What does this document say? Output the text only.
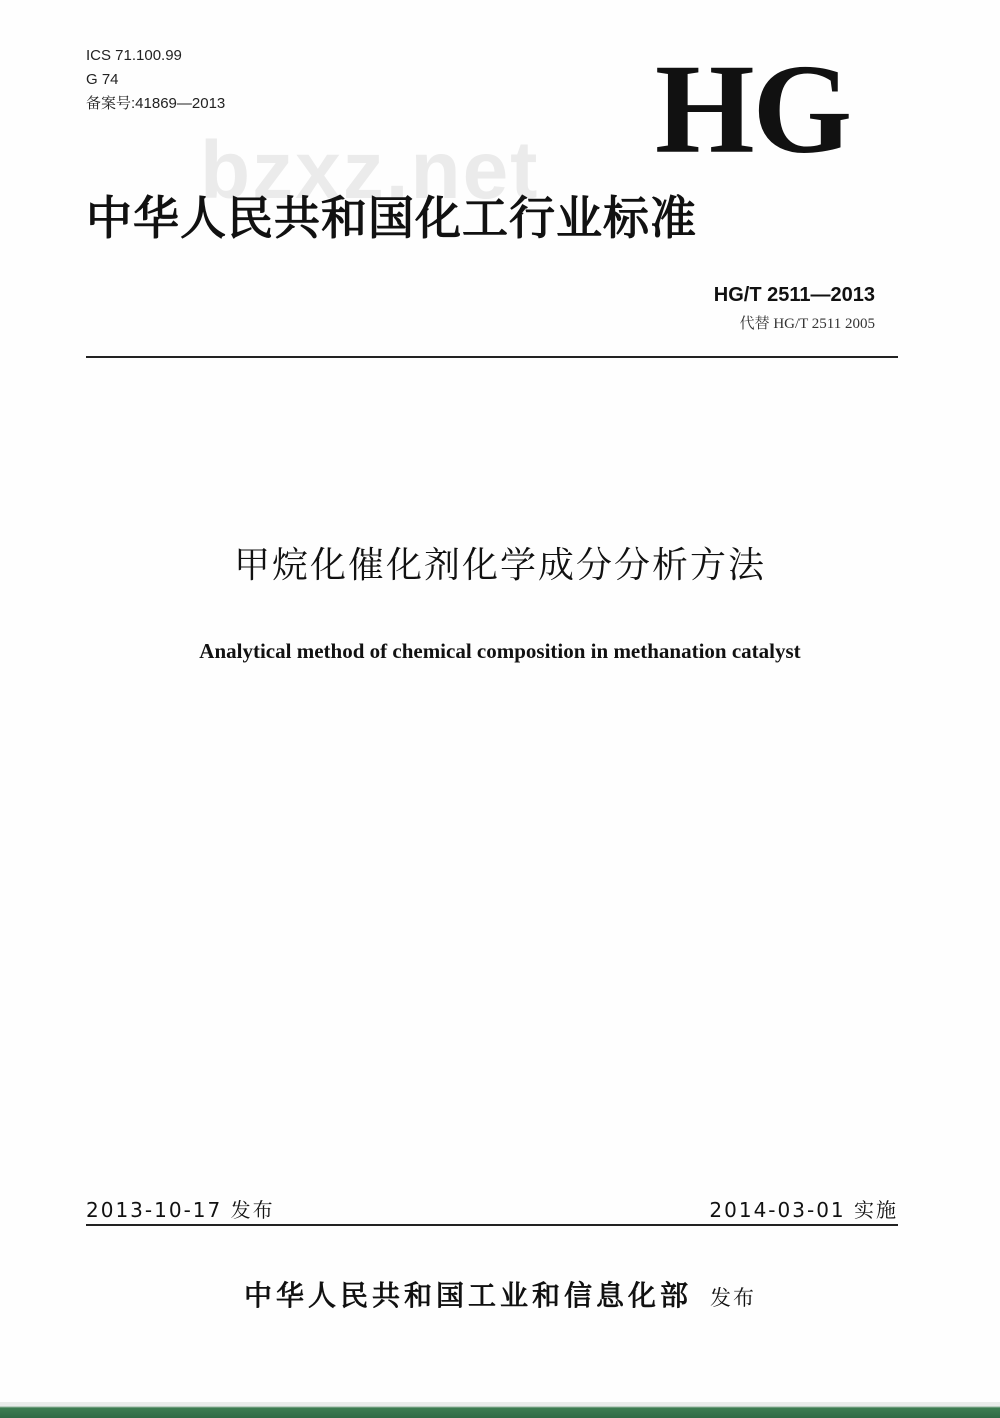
ICS 71.100.99
G 74
备案号:41869—2013	HG
bzxz.net
中华人民共和国化工行业标准
HG/T 2511—2013
代替 HG/T 2511 2005
甲烷化催化剂化学成分分析方法
Analytical method of chemical composition in methanation catalyst
2013-10-17 发布	2014-03-01 实施
中华人民共和国工业和信息化部 发布
